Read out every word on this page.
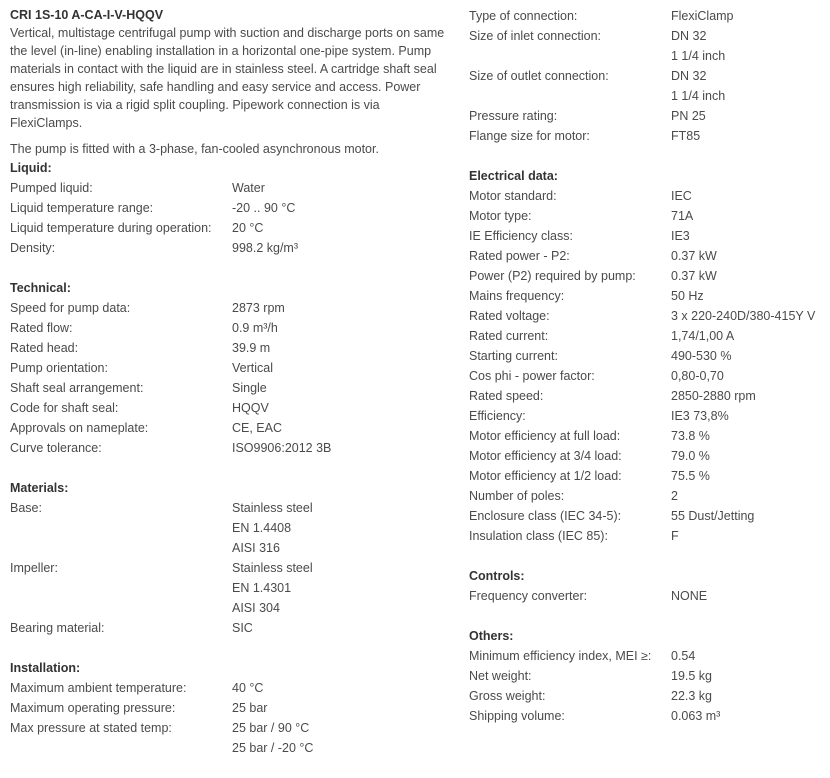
CRI 1S-10 A-CA-I-V-HQQV
Vertical, multistage centrifugal pump with suction and discharge ports on same the level (in-line) enabling installation in a horizontal one-pipe system. Pump materials in contact with the liquid are in stainless steel. A cartridge shaft seal ensures high reliability, safe handling and easy service and access. Power transmission is via a rigid split coupling. Pipework connection is via FlexiClamps.
The pump is fitted with a 3-phase, fan-cooled asynchronous motor.
Liquid:
Pumped liquid:	Water
Liquid temperature range:	-20 .. 90 °C
Liquid temperature during operation:	20 °C
Density:	998.2 kg/m³
Technical:
Speed for pump data:	2873 rpm
Rated flow:	0.9 m³/h
Rated head:	39.9 m
Pump orientation:	Vertical
Shaft seal arrangement:	Single
Code for shaft seal:	HQQV
Approvals on nameplate:	CE, EAC
Curve tolerance:	ISO9906:2012 3B
Materials:
Base:	Stainless steel
EN 1.4408
AISI 316
Impeller:	Stainless steel
EN 1.4301
AISI 304
Bearing material:	SIC
Installation:
Maximum ambient temperature:	40 °C
Maximum operating pressure:	25 bar
Max pressure at stated temp:	25 bar / 90 °C
25 bar / -20 °C
Type of connection:	FlexiClamp
Size of inlet connection:	DN 32
1 1/4 inch
Size of outlet connection:	DN 32
1 1/4 inch
Pressure rating:	PN 25
Flange size for motor:	FT85
Electrical data:
Motor standard:	IEC
Motor type:	71A
IE Efficiency class:	IE3
Rated power - P2:	0.37 kW
Power (P2) required by pump:	0.37 kW
Mains frequency:	50 Hz
Rated voltage:	3 x 220-240D/380-415Y V
Rated current:	1,74/1,00 A
Starting current:	490-530 %
Cos phi - power factor:	0,80-0,70
Rated speed:	2850-2880 rpm
Efficiency:	IE3 73,8%
Motor efficiency at full load:	73.8 %
Motor efficiency at 3/4 load:	79.0 %
Motor efficiency at 1/2 load:	75.5 %
Number of poles:	2
Enclosure class (IEC 34-5):	55 Dust/Jetting
Insulation class (IEC 85):	F
Controls:
Frequency converter:	NONE
Others:
Minimum efficiency index, MEI ≥:	0.54
Net weight:	19.5 kg
Gross weight:	22.3 kg
Shipping volume:	0.063 m³
